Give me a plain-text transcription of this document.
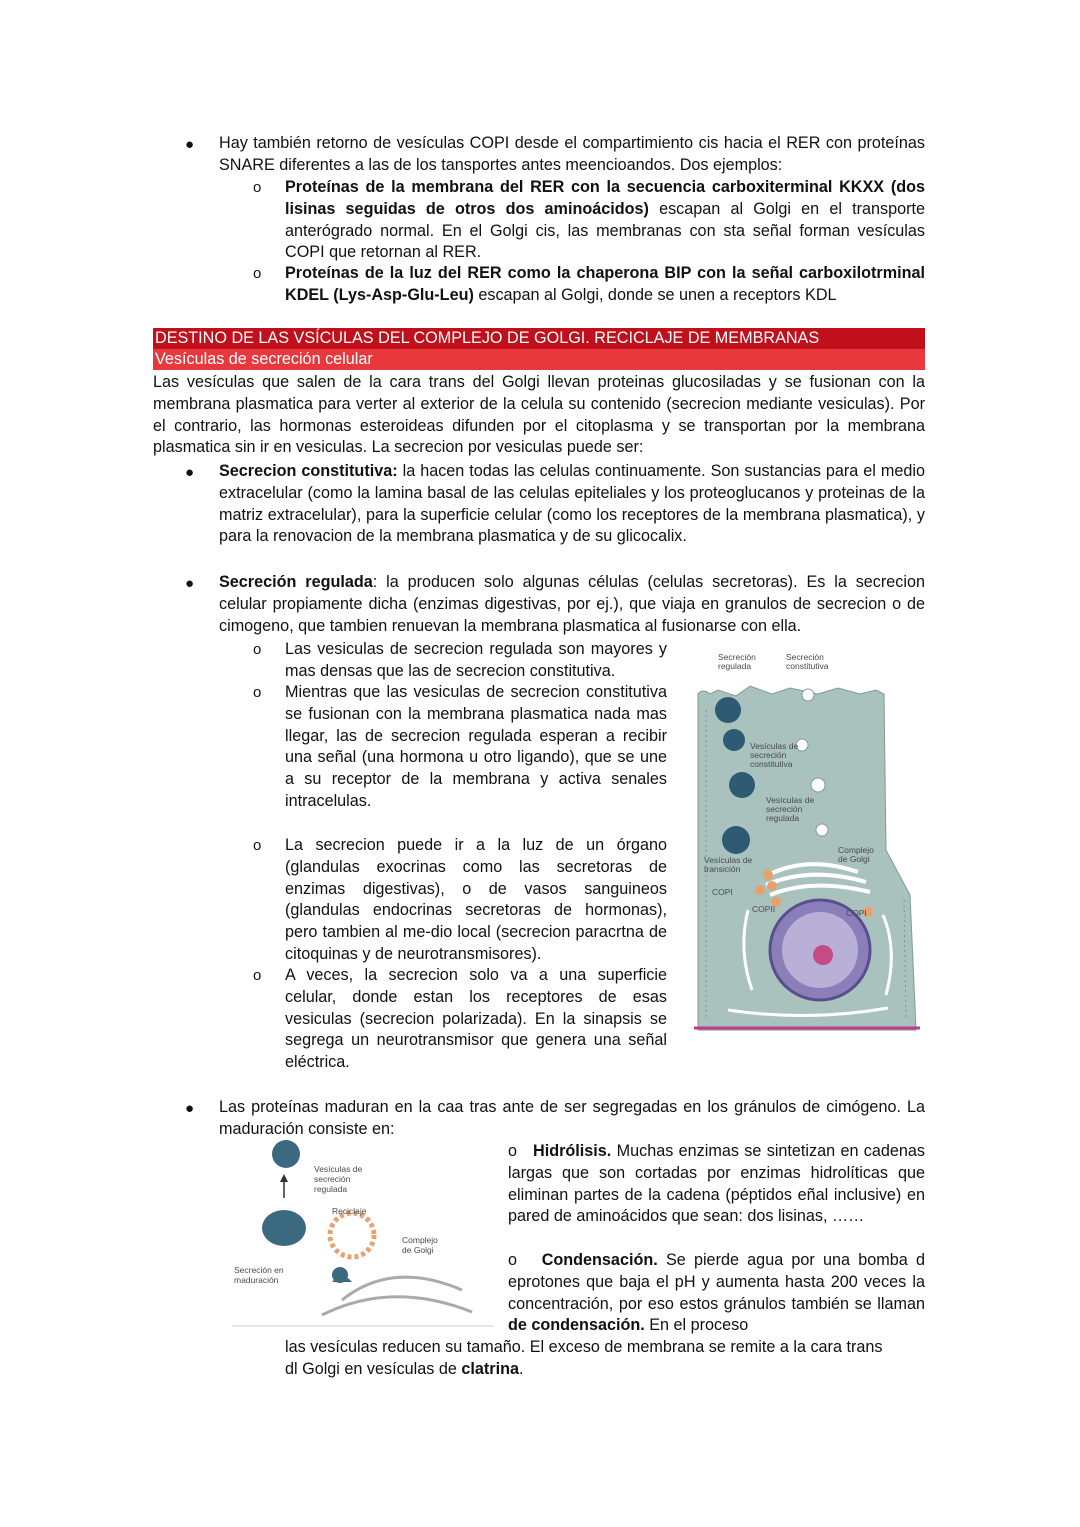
● Hay también retorno de vesículas COPI desde el compartimiento cis hacia el RER con proteínas SNARE diferentes a las de los tansportes antes meencioandos. Dos ejemplos:
o Proteínas de la membrana del RER con la secuencia carboxiterminal KKXX (dos lisinas seguidas de otros dos aminoácidos) escapan al Golgi en el transporte anterógrado normal. En el Golgi cis, las membranas con sta señal forman vesículas COPI que retornan al RER.
o Proteínas de la luz del RER como la chaperona BIP con la señal carboxilotrminal KDEL (Lys-Asp-Glu-Leu) escapan al Golgi, donde se unen a receptors KDL
DESTINO DE LAS VSÍCULAS DEL COMPLEJO DE GOLGI. RECICLAJE DE MEMBRANAS
Vesículas de secreción celular
Las vesículas que salen de la cara trans del Golgi llevan proteinas glucosiladas y se fusionan con la membrana plasmatica para verter al exterior de la celula su contenido (secrecion mediante vesiculas). Por el contrario, las hormonas esteroideas difunden por el citoplasma y se transportan por la membrana plasmatica sin ir en vesiculas. La secrecion por vesiculas puede ser:
● Secrecion constitutiva: la hacen todas las celulas continuamente. Son sustancias para el medio extracelular (como la lamina basal de las celulas epiteliales y los proteoglucanos y proteinas de la matriz extracelular), para la superficie celular (como los receptores de la membrana plasmatica), y para la renovacion de la membrana plasmatica y de su glicocalix.
● Secreción regulada: la producen solo algunas células (celulas secretoras). Es la secrecion celular propiamente dicha (enzimas digestivas, por ej.), que viaja en granulos de secrecion o de cimogeno, que tambien renuevan la membrana plasmatica al fusionarse con ella.
o Las vesiculas de secrecion regulada son mayores y mas densas que las de secrecion constitutiva.
o Mientras que las vesiculas de secrecion constitutiva se fusionan con la membrana plasmatica nada mas llegar, las de secrecion regulada esperan a recibir una señal (una hormona u otro ligando), que se une a su receptor de la membrana y activa senales intracelulas.
o La secrecion puede ir a la luz de un órgano (glandulas exocrinas como las secretoras de enzimas digestivas), o de vasos sanguineos (glandulas endocrinas secretoras de hormonas), pero tambien al me-dio local (secrecion paracrtna de citoquinas y de neurotransmisores).
o A veces, la secrecion solo va a una superficie celular, donde estan los receptores de esas vesiculas (secrecion polarizada). En la sinapsis se segrega un neurotransmisor que genera una señal eléctrica.
Secreción
regulada
Secreción
constitutiva
Vesículas de
secreción
constitutiva
Vesículas de
secreción
regulada
Complejo
de Golgi
Vesículas de
transición
COPI
COPII	COPI
● Las proteínas maduran en la caa tras ante de ser segregadas en los gránulos de cimógeno. La maduración consiste en:
Vesículas de
secreción
regulada
Reciclaje
Complejo
de Golgi
Secreción en
maduración
o Hidrólisis. Muchas enzimas se sintetizan en cadenas largas que son cortadas por enzimas hidrolíticas que eliminan partes de la cadena (péptidos eñal inclusive) en pared de aminoácidos que sean: dos lisinas, ……
o Condensación. Se pierde agua por una bomba d eprotones que baja el pH y aumenta hasta 200 veces la concentración, por eso estos gránulos también se llaman de condensación. En el proceso
las vesículas reducen su tamaño. El exceso de membrana se remite a la cara trans
dl Golgi en vesículas de clatrina.
